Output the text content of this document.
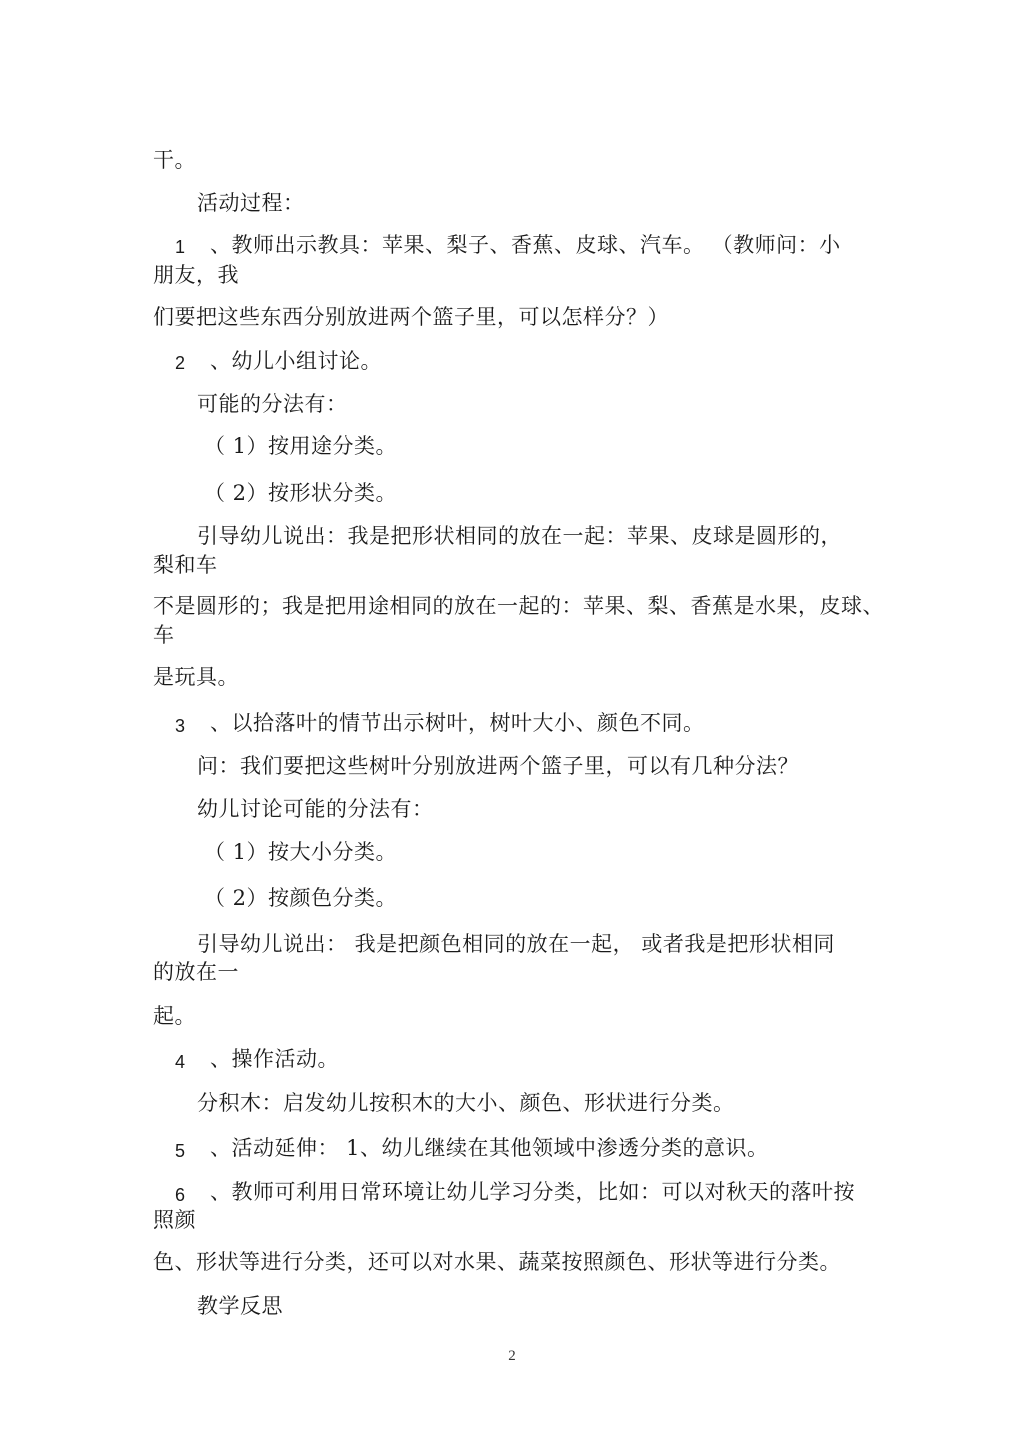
干。
活动过程：
1 、教师出示教具：苹果、梨子、香蕉、皮球、汽车。 （教师问：小
朋友，我
们要把这些东西分别放进两个篮子里，可以怎样分？）
2 、幼儿小组讨论。
可能的分法有：
（ 1）按用途分类。
（ 2）按形状分类。
引导幼儿说出：我是把形状相同的放在一起：苹果、皮球是圆形的，
梨和车
不是圆形的；我是把用途相同的放在一起的：苹果、梨、香蕉是水果，皮球、
车
是玩具。
3 、以拾落叶的情节出示树叶，树叶大小、颜色不同。
问：我们要把这些树叶分别放进两个篮子里，可以有几种分法？
幼儿讨论可能的分法有：
（ 1）按大小分类。
（ 2）按颜色分类。
引导幼儿说出： 我是把颜色相同的放在一起， 或者我是把形状相同
的放在一
起。
4 、操作活动。
分积木：启发幼儿按积木的大小、颜色、形状进行分类。
5 、活动延伸： 1、幼儿继续在其他领域中渗透分类的意识。
6 、教师可利用日常环境让幼儿学习分类，比如：可以对秋天的落叶按
照颜
色、形状等进行分类，还可以对水果、蔬菜按照颜色、形状等进行分类。
教学反思
2
